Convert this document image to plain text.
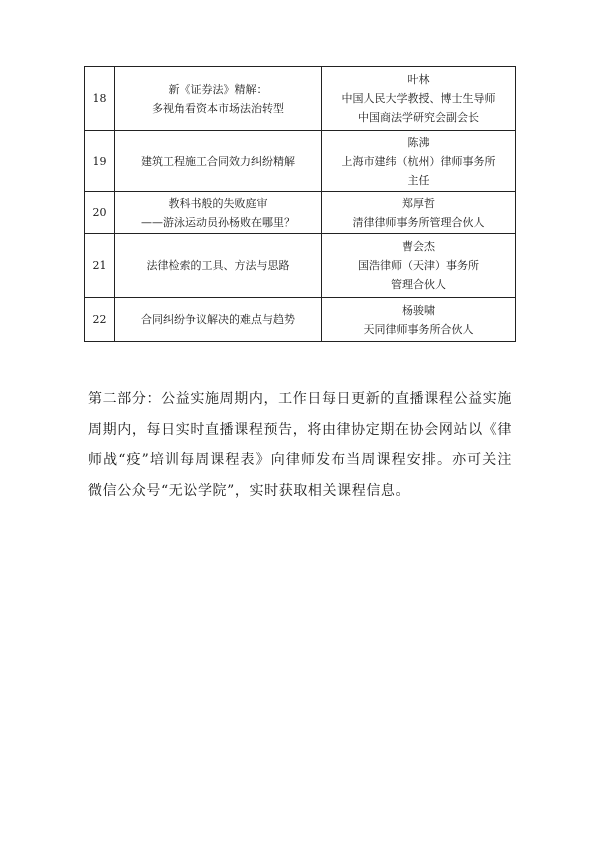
18	新《证券法》精解：
多视角看资本市场法治转型	叶林
中国人民大学教授、博士生导师
中国商法学研究会副会长

19	建筑工程施工合同效力纠纷精解	陈沸
上海市建纬（杭州）律师事务所
主任

20	教科书般的失败庭审
——游泳运动员孙杨败在哪里？	郑厚哲
清律律师事务所管理合伙人

21	法律检索的工具、方法与思路	曹会杰
国浩律师（天津）事务所
管理合伙人

22	合同纠纷争议解决的难点与趋势	杨骏啸
天同律师事务所合伙人

第二部分：公益实施周期内，工作日每日更新的直播课程公益实施周期内，每日实时直播课程预告，将由律协定期在协会网站以《律师战“疫”培训每周课程表》向律师发布当周课程安排。亦可关注微信公众号“无讼学院”，实时获取相关课程信息。
